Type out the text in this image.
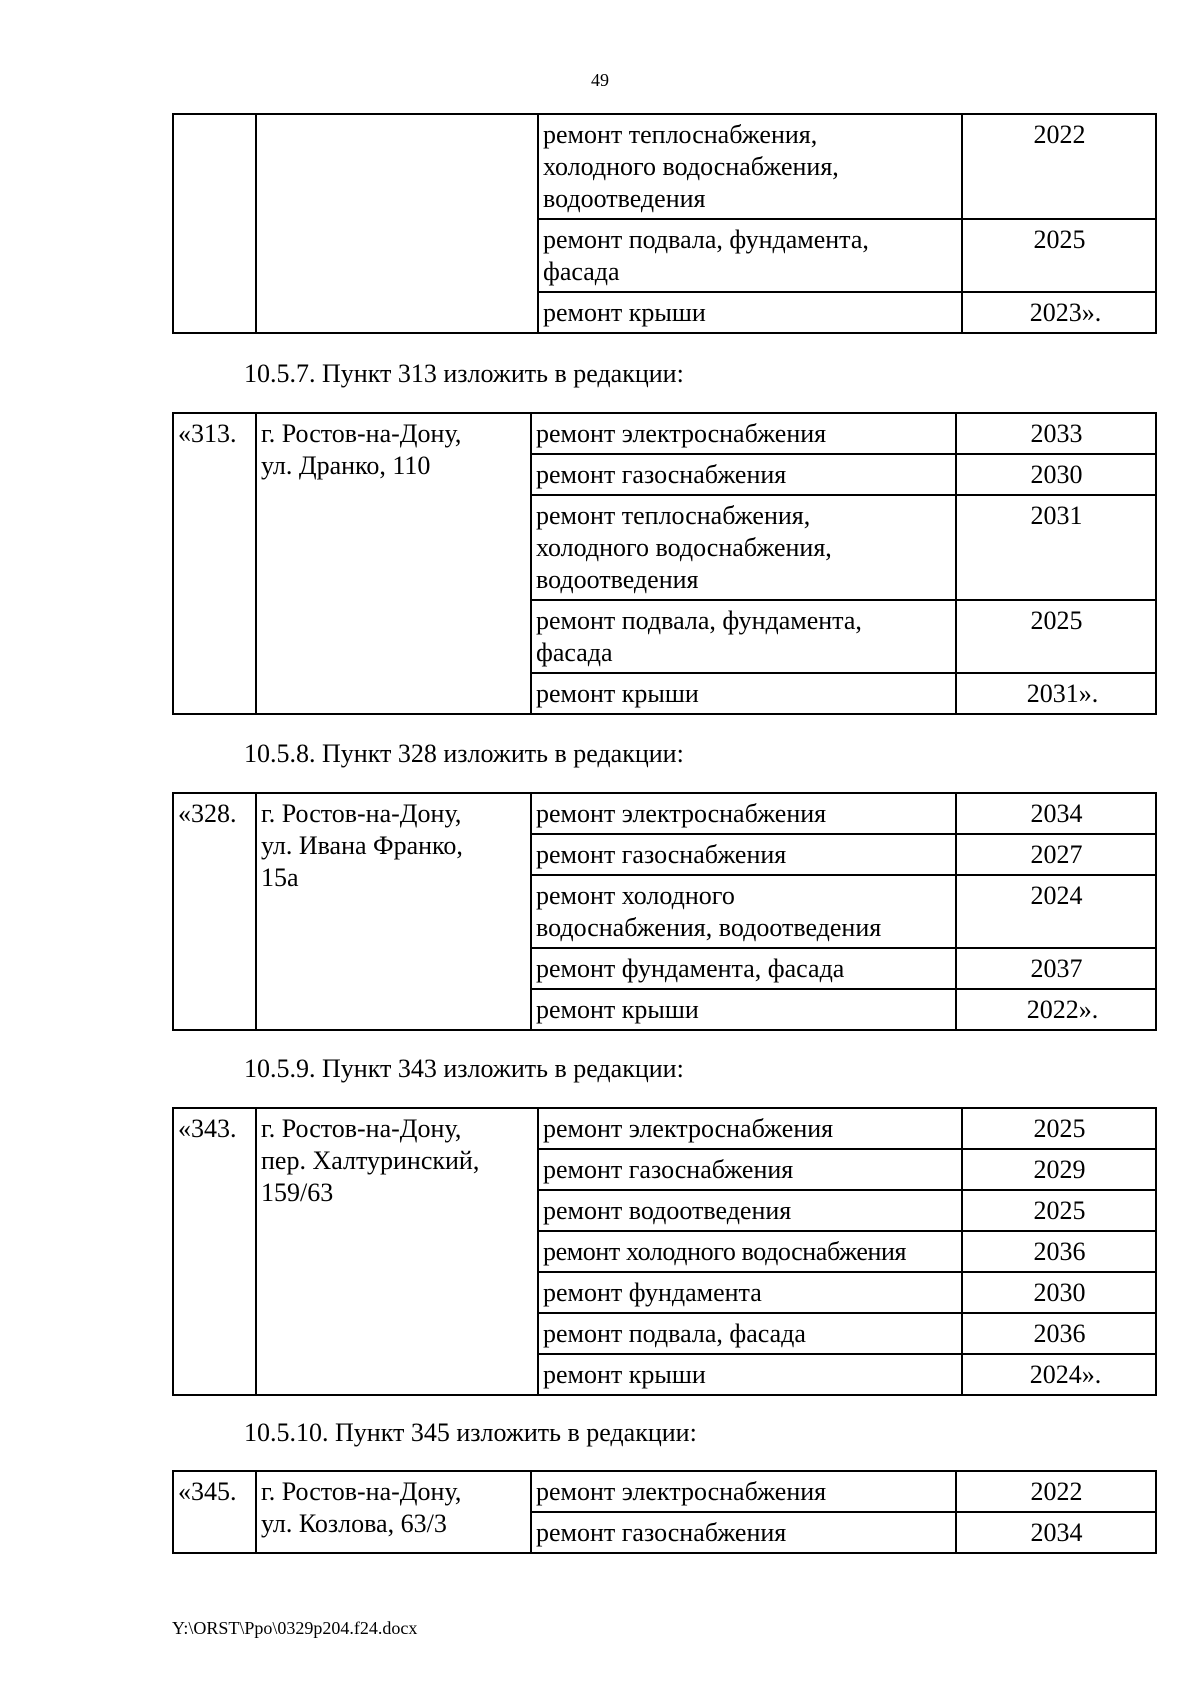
49
		ремонт теплоснабжения,
холодного водоснабжения,
водоотведения	2022
		ремонт подвала, фундамента,
фасада	2025
		ремонт крыши	2023».
10.5.7. Пункт 313 изложить в редакции:
«313.	г. Ростов-на-Дону,
ул. Дранко, 110	ремонт электроснабжения	2033
		ремонт газоснабжения	2030
		ремонт теплоснабжения,
холодного водоснабжения,
водоотведения	2031
		ремонт подвала, фундамента,
фасада	2025
		ремонт крыши	2031».
10.5.8. Пункт 328 изложить в редакции:
«328.	г. Ростов-на-Дону,
ул. Ивана Франко,
15а	ремонт электроснабжения	2034
		ремонт газоснабжения	2027
		ремонт холодного
водоснабжения, водоотведения	2024
		ремонт фундамента, фасада	2037
		ремонт крыши	2022».
10.5.9. Пункт 343 изложить в редакции:
«343.	г. Ростов-на-Дону,
пер. Халтуринский,
159/63	ремонт электроснабжения	2025
		ремонт газоснабжения	2029
		ремонт водоотведения	2025
		ремонт холодного водоснабжения	2036
		ремонт фундамента	2030
		ремонт подвала, фасада	2036
		ремонт крыши	2024».
10.5.10. Пункт 345 изложить в редакции:
«345.	г. Ростов-на-Дону,
ул. Козлова, 63/3	ремонт электроснабжения	2022
		ремонт газоснабжения	2034
Y:\ORST\Ppo\0329p204.f24.docx
